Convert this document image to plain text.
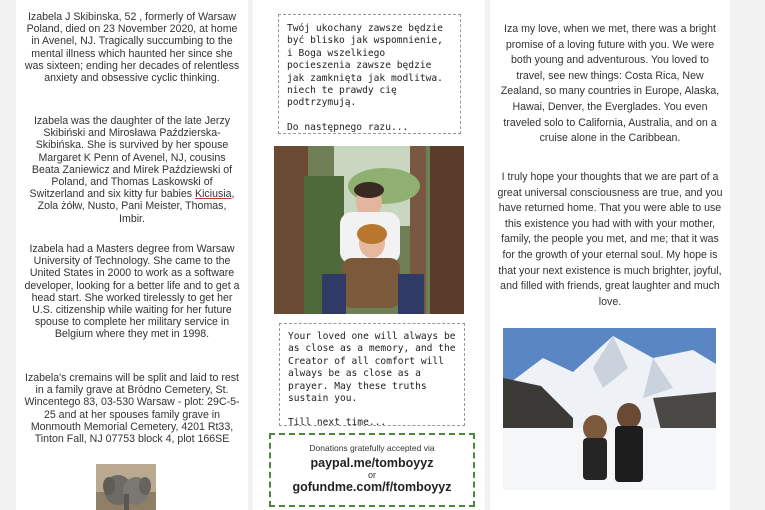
Izabela J Skibinska, 52 , formerly of Warsaw Poland, died on 23 November 2020, at home in Avenel, NJ. Tragically succumbing to the mental illness which haunted her since she was sixteen; ending her decades of relentless anxiety and obsessive cyclic thinking.

Izabela was the daughter of the late Jerzy Skibiński and Mirosława Paździerska-Skibińska. She is survived by her spouse Margaret K Penn of Avenel, NJ, cousins Beata Zaniewicz and Mirek Paździewski of Poland, and Thomas Laskowski of Switzerland and six kitty fur babies Kiciusia, Zola żółw, Nusto, Pani Meister, Thomas, Imbir.

Izabela had a Masters degree from Warsaw University of Technology. She came to the United States in 2000 to work as a software developer, looking for a better life and to get a head start. She worked tirelessly to get her U.S. citizenship while waiting for her future spouse to complete her military service in Belgium where they met in 1998.

Izabela's cremains will be split and laid to rest in a family grave at Bródno Cemetery, St. Wincentego 83, 03-530 Warsaw - plot: 29C-5-25 and at her spouses family grave in Monmouth Memorial Cemetery, 4201 Rt33, Tinton Fall, NJ 07753 block 4, plot 166SE

Twój ukochany zawsze będzie być blisko jak wspomnienie, i Boga wszelkiego pocieszenia zawsze będzie jak zamknięta jak modlitwa. niech te prawdy cię podtrzymują.

Do następnego razu...

Your loved one will always be as close as a memory, and the Creator of all comfort will always be as close as a prayer. May these truths sustain you.

Till next time...

Donations gratefully accepted via
paypal.me/tomboyyz
or
gofundme.com/f/tomboyyz

Iza my love, when we met, there was a bright promise of a loving future with you. We were both young and adventurous. You loved to travel, see new things: Costa Rica, New Zealand, so many countries in Europe, Alaska, Hawai, Denver, the Everglades. You even traveled solo to California, Australia, and on a cruise alone in the Caribbean.

I truly hope your thoughts that we are part of a great universal consciousness are true, and you have returned home. That you were able to use this existence you had with with your mother, family, the people you met, and me; that it was for the growth of your eternal soul. My hope is that your next existence is much brighter, joyful, and filled with friends, great laughter and much love.
